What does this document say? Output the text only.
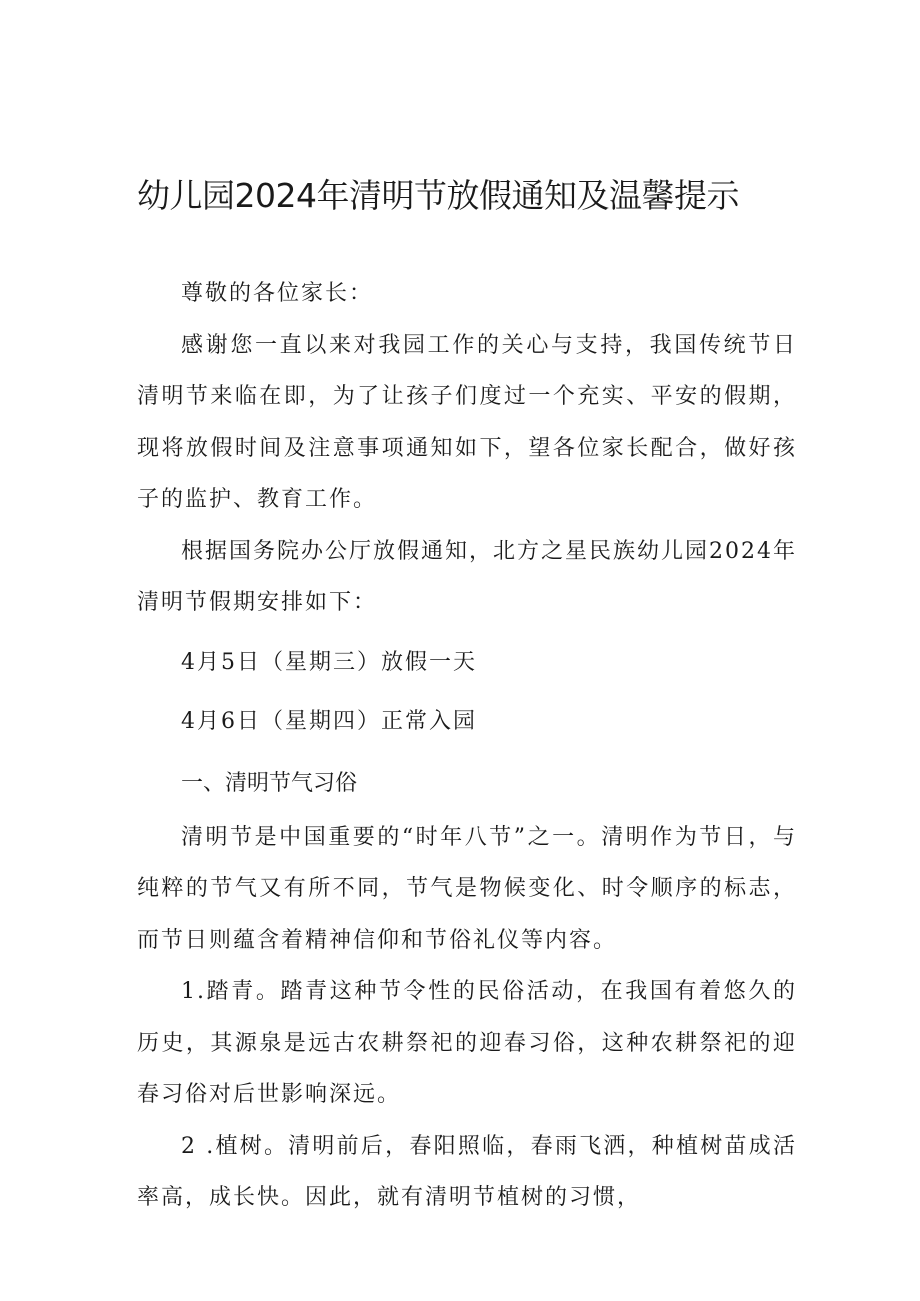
幼儿园2024年清明节放假通知及温馨提示

尊敬的各位家长：

感谢您一直以来对我园工作的关心与支持，我国传统节日清明节来临在即，为了让孩子们度过一个充实、平安的假期，现将放假时间及注意事项通知如下，望各位家长配合，做好孩子的监护、教育工作。

根据国务院办公厅放假通知，北方之星民族幼儿园2024年清明节假期安排如下：

4月5日（星期三）放假一天

4月6日（星期四）正常入园

一、清明节气习俗

清明节是中国重要的“时年八节”之一。清明作为节日，与纯粹的节气又有所不同，节气是物候变化、时令顺序的标志，而节日则蕴含着精神信仰和节俗礼仪等内容。

1.踏青。踏青这种节令性的民俗活动，在我国有着悠久的历史，其源泉是远古农耕祭祀的迎春习俗，这种农耕祭祀的迎春习俗对后世影响深远。

2 .植树。清明前后，春阳照临，春雨飞洒，种植树苗成活率高，成长快。因此，就有清明节植树的习惯，
